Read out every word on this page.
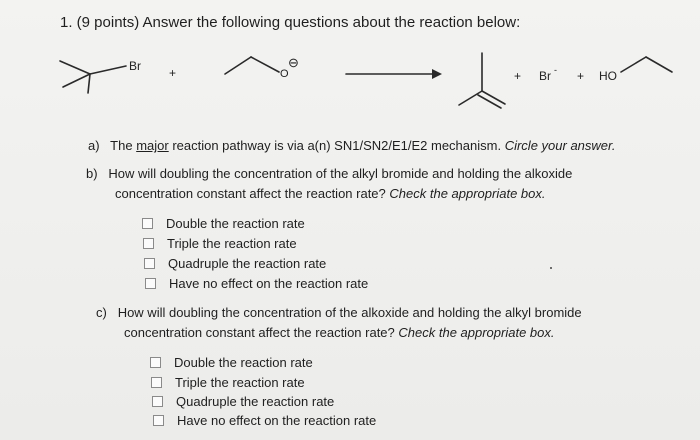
1. (9 points) Answer the following questions about the reaction below:
Br +	O
⊖
+ Br - + HO
a) The major reaction pathway is via a(n) SN1/SN2/E1/E2 mechanism. Circle your answer.
b) How will doubling the concentration of the alkyl bromide and holding the alkoxide
concentration constant affect the reaction rate? Check the appropriate box.
Double the reaction rate
Triple the reaction rate
Quadruple the reaction rate
Have no effect on the reaction rate
c) How will doubling the concentration of the alkoxide and holding the alkyl bromide
concentration constant affect the reaction rate? Check the appropriate box.
Double the reaction rate
Triple the reaction rate
Quadruple the reaction rate
Have no effect on the reaction rate
